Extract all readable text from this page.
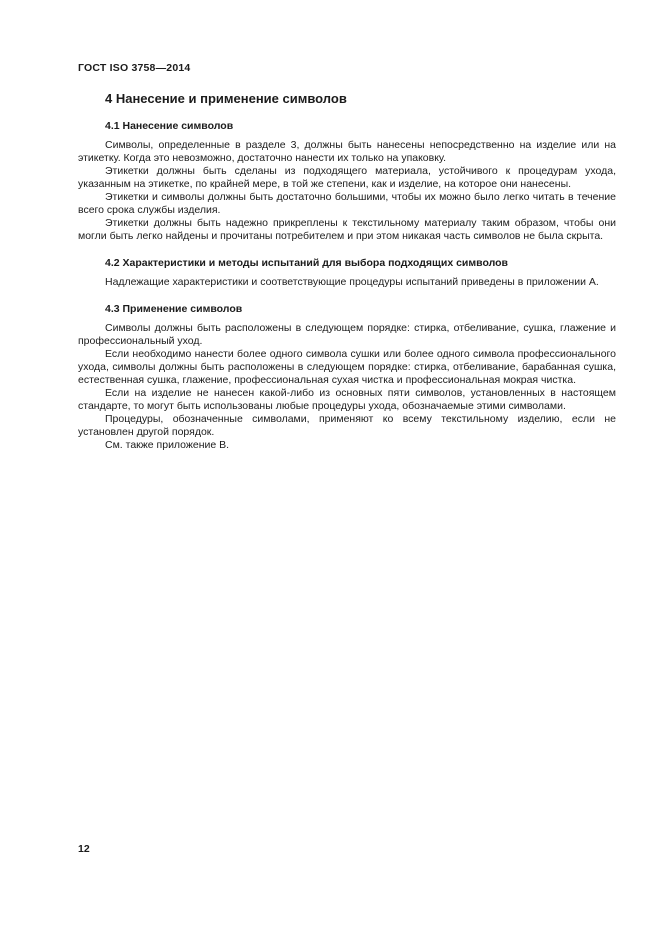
ГОСТ ISO 3758—2014
4 Нанесение и применение символов
4.1 Нанесение символов

Символы, определенные в разделе 3, должны быть нанесены непосредственно на изделие или на этикетку. Когда это невозможно, достаточно нанести их только на упаковку.

Этикетки должны быть сделаны из подходящего материала, устойчивого к процедурам ухода, указанным на этикетке, по крайней мере, в той же степени, как и изделие, на которое они нанесены.

Этикетки и символы должны быть достаточно большими, чтобы их можно было легко читать в течение всего срока службы изделия.

Этикетки должны быть надежно прикреплены к текстильному материалу таким образом, чтобы они могли быть легко найдены и прочитаны потребителем и при этом никакая часть символов не была скрыта.

4.2 Характеристики и методы испытаний для выбора подходящих символов

Надлежащие характеристики и соответствующие процедуры испытаний приведены в приложении А.

4.3 Применение символов

Символы должны быть расположены в следующем порядке: стирка, отбеливание, сушка, глажение и профессиональный уход.

Если необходимо нанести более одного символа сушки или более одного символа профессионального ухода, символы должны быть расположены в следующем порядке: стирка, отбеливание, барабанная сушка, естественная сушка, глажение, профессиональная сухая чистка и профессиональная мокрая чистка.

Если на изделие не нанесен какой-либо из основных пяти символов, установленных в настоящем стандарте, то могут быть использованы любые процедуры ухода, обозначаемые этими символами.

Процедуры, обозначенные символами, применяют ко всему текстильному изделию, если не установлен другой порядок.

См. также приложение В.

12
